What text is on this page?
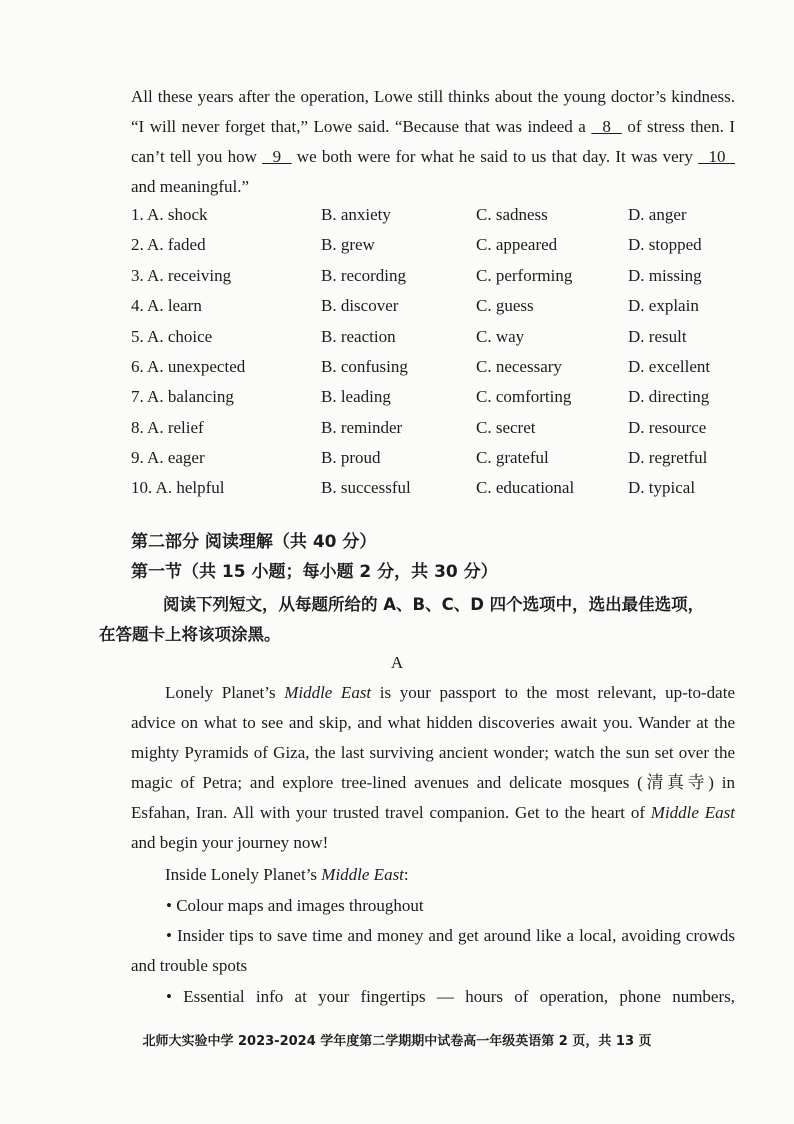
All these years after the operation, Lowe still thinks about the young doctor’s kindness. “I will never forget that,” Lowe said. “Because that was indeed a   8   of stress then. I can’t tell you how   9   we both were for what he said to us that day. It was very   10   and meaningful.”
1. A. shock	B. anxiety	C. sadness	D. anger
2. A. faded	B. grew	C. appeared	D. stopped
3. A. receiving	B. recording	C. performing	D. missing
4. A. learn	B. discover	C. guess	D. explain
5. A. choice	B. reaction	C. way	D. result
6. A. unexpected	B. confusing	C. necessary	D. excellent
7. A. balancing	B. leading	C. comforting	D. directing
8. A. relief	B. reminder	C. secret	D. resource
9. A. eager	B. proud	C. grateful	D. regretful
10. A. helpful	B. successful	C. educational	D. typical
第二部分 阅读理解（共 40 分）
第一节（共 15 小题；每小题 2 分，共 30 分）
阅读下列短文，从每题所给的 A、B、C、D 四个选项中，选出最佳选项，
在答题卡上将该项涂黑。
A
Lonely Planet’s Middle East is your passport to the most relevant, up-to-date advice on what to see and skip, and what hidden discoveries await you. Wander at the mighty Pyramids of Giza, the last surviving ancient wonder; watch the sun set over the magic of Petra; and explore tree-lined avenues and delicate mosques (清真寺) in Esfahan, Iran. All with your trusted travel companion. Get to the heart of Middle East and begin your journey now!
Inside Lonely Planet’s Middle East:
• Colour maps and images throughout
• Insider tips to save time and money and get around like a local, avoiding crowds and trouble spots
• Essential info at your fingertips — hours of operation, phone numbers,
北师大实验中学 2023-2024 学年度第二学期期中试卷高一年级英语第 2 页，共 13 页
